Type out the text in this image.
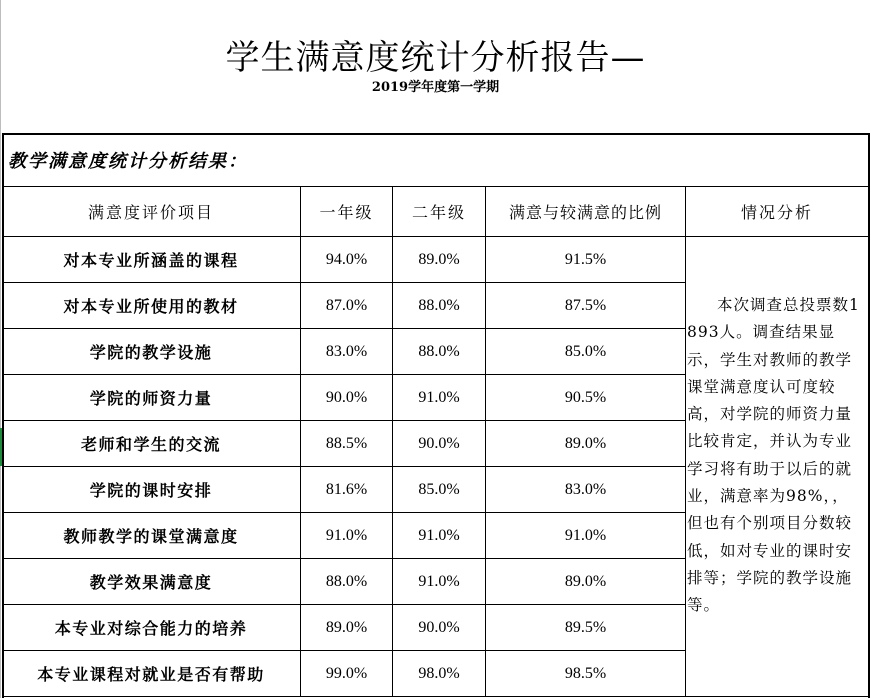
学生满意度统计分析报告—
2019学年度第一学期
教学满意度统计分析结果：
满意度评价项目	一年级	二年级	满意与较满意的比例	情况分析
对本专业所涵盖的课程	94.0%	89.0%	91.5%
对本专业所使用的教材	87.0%	88.0%	87.5%
学院的教学设施	83.0%	88.0%	85.0%
学院的师资力量	90.0%	91.0%	90.5%
老师和学生的交流	88.5%	90.0%	89.0%
学院的课时安排	81.6%	85.0%	83.0%
教师教学的课堂满意度	91.0%	91.0%	91.0%
教学效果满意度	88.0%	91.0%	89.0%
本专业对综合能力的培养	89.0%	90.0%	89.5%
本专业课程对就业是否有帮助	99.0%	98.0%	98.5%
本次调查总投票数1893人。调查结果显示，学生对教师的教学课堂满意度认可度较高，对学院的师资力量比较肯定，并认为专业学习将有助于以后的就业，满意率为98%，，但也有个别项目分数较低，如对专业的课时安排等；学院的教学设施等。
